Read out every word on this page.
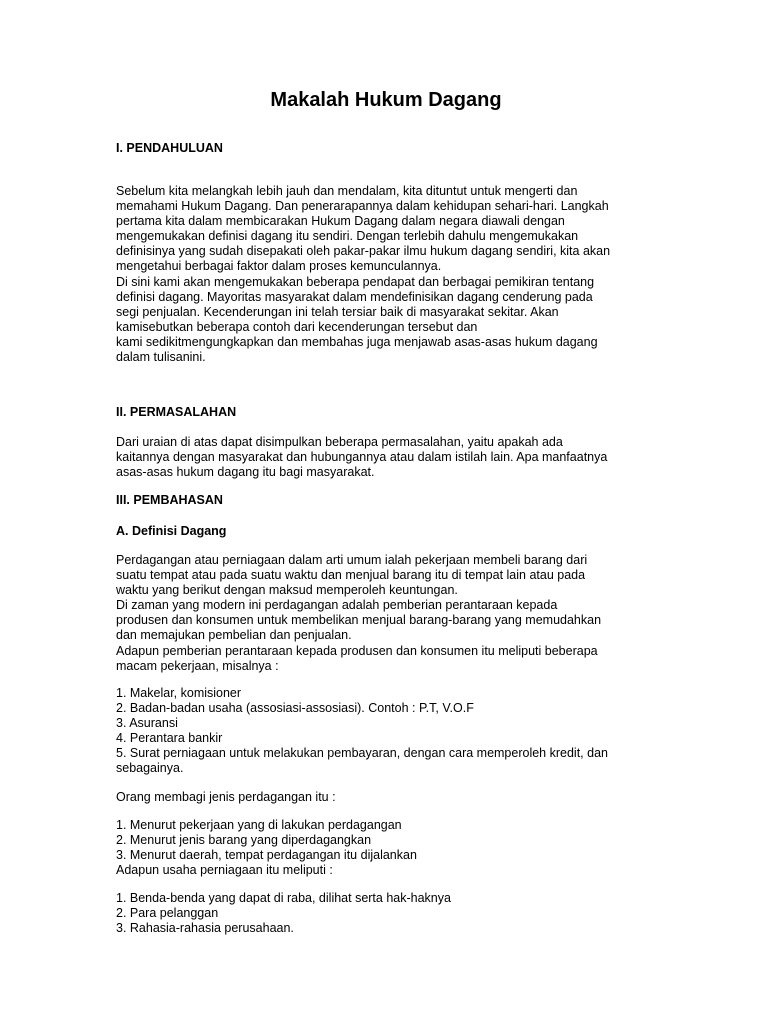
Makalah Hukum Dagang
I. PENDAHULUAN
Sebelum kita melangkah lebih jauh dan mendalam, kita dituntut untuk mengerti dan
memahami Hukum Dagang. Dan penerarapannya dalam kehidupan sehari-hari. Langkah
pertama kita dalam membicarakan Hukum Dagang dalam negara diawali dengan
mengemukakan definisi dagang itu sendiri. Dengan terlebih dahulu mengemukakan
definisinya yang sudah disepakati oleh pakar-pakar ilmu hukum dagang sendiri, kita akan
mengetahui berbagai faktor dalam proses kemunculannya.
Di sini kami akan mengemukakan beberapa pendapat dan berbagai pemikiran tentang
definisi dagang. Mayoritas masyarakat dalam mendefinisikan dagang cenderung pada
segi penjualan. Kecenderungan ini telah tersiar baik di masyarakat sekitar. Akan
kamisebutkan beberapa contoh dari kecenderungan tersebut dan
kami sedikitmengungkapkan dan membahas juga menjawab asas-asas hukum dagang
dalam tulisanini.
II. PERMASALAHAN
Dari uraian di atas dapat disimpulkan beberapa permasalahan, yaitu apakah ada
kaitannya dengan masyarakat dan hubungannya atau dalam istilah lain. Apa manfaatnya
asas-asas hukum dagang itu bagi masyarakat.
III. PEMBAHASAN
A. Definisi Dagang
Perdagangan atau perniagaan dalam arti umum ialah pekerjaan membeli barang dari
suatu tempat atau pada suatu waktu dan menjual barang itu di tempat lain atau pada
waktu yang berikut dengan maksud memperoleh keuntungan.
Di zaman yang modern ini perdagangan adalah pemberian perantaraan kepada
produsen dan konsumen untuk membelikan menjual barang-barang yang memudahkan
dan memajukan pembelian dan penjualan.
Adapun pemberian perantaraan kepada produsen dan konsumen itu meliputi beberapa
macam pekerjaan, misalnya :
1. Makelar, komisioner
2. Badan-badan usaha (assosiasi-assosiasi). Contoh : P.T, V.O.F
3. Asuransi
4. Perantara bankir
5. Surat perniagaan untuk melakukan pembayaran, dengan cara memperoleh kredit, dan
sebagainya.
Orang membagi jenis perdagangan itu :
1. Menurut pekerjaan yang di lakukan perdagangan
2. Menurut jenis barang yang diperdagangkan
3. Menurut daerah, tempat perdagangan itu dijalankan
Adapun usaha perniagaan itu meliputi :
1. Benda-benda yang dapat di raba, dilihat serta hak-haknya
2. Para pelanggan
3. Rahasia-rahasia perusahaan.
